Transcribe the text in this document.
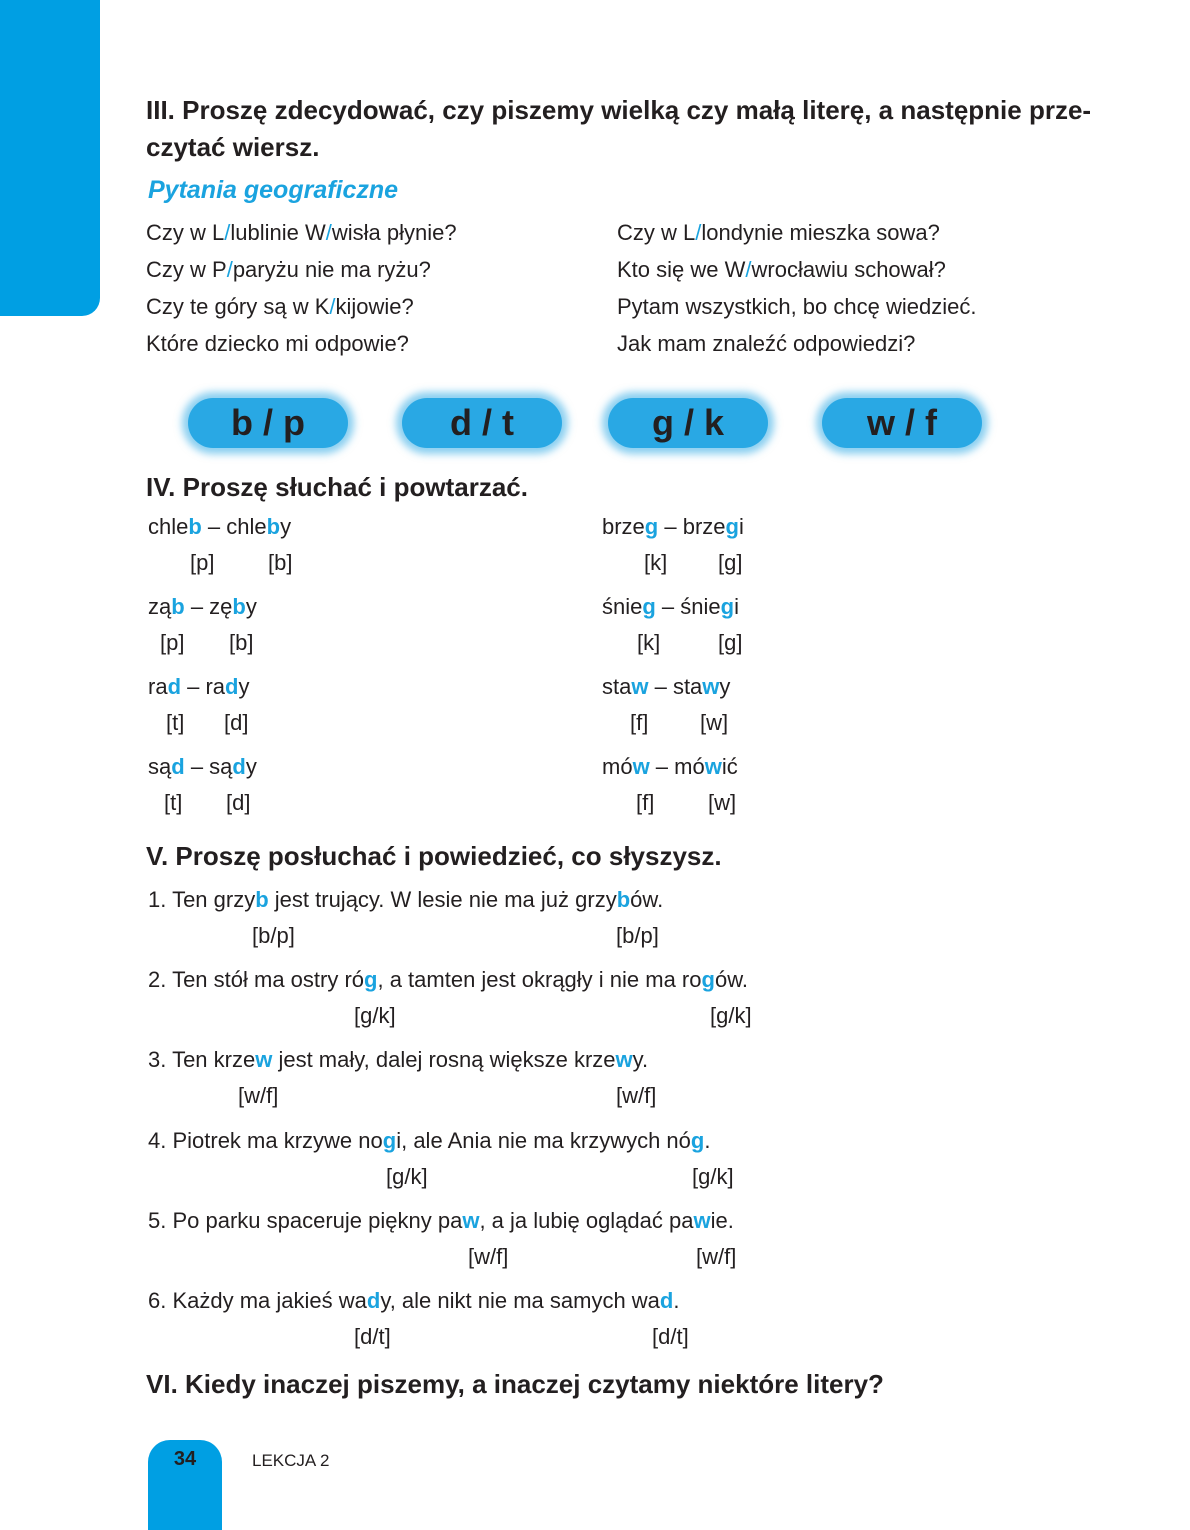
III. Proszę zdecydować, czy piszemy wielką czy małą literę, a następnie prze-
czytać wiersz.
Pytania geograficzne
Czy w L/lublinie W/wisła płynie?
Czy w P/paryżu nie ma ryżu?
Czy te góry są w K/kijowie?
Które dziecko mi odpowie?
Czy w L/londynie mieszka sowa?
Kto się we W/wrocławiu schował?
Pytam wszystkich, bo chcę wiedzieć.
Jak mam znaleźć odpowiedzi?
b / p	d / t	g / k	w / f
IV. Proszę słuchać i powtarzać.
chleb – chleby
[p] [b]
brzeg – brzegi
[k] [g]
ząb – zęby
[p] [b]
śnieg – śniegi
[k]	[g]
rad – rady
[t] [d]
staw – stawy
[f] [w]
sąd – sądy
[t] [d]
mów – mówić
[f] [w]
V. Proszę posłuchać i powiedzieć, co słyszysz.
1. Ten grzyb jest trujący. W lesie nie ma już grzybów.
[b/p]	[b/p]
2. Ten stół ma ostry róg, a tamten jest okrągły i nie ma rogów.
[g/k]	[g/k]
3. Ten krzew jest mały, dalej rosną większe krzewy.
[w/f]	[w/f]
4. Piotrek ma krzywe nogi, ale Ania nie ma krzywych nóg.
[g/k]	[g/k]
5. Po parku spaceruje piękny paw, a ja lubię oglądać pawie.
[w/f]	[w/f]
6. Każdy ma jakieś wady, ale nikt nie ma samych wad.
[d/t]	[d/t]
VI. Kiedy inaczej piszemy, a inaczej czytamy niektóre litery?
34	LEKCJA 2
